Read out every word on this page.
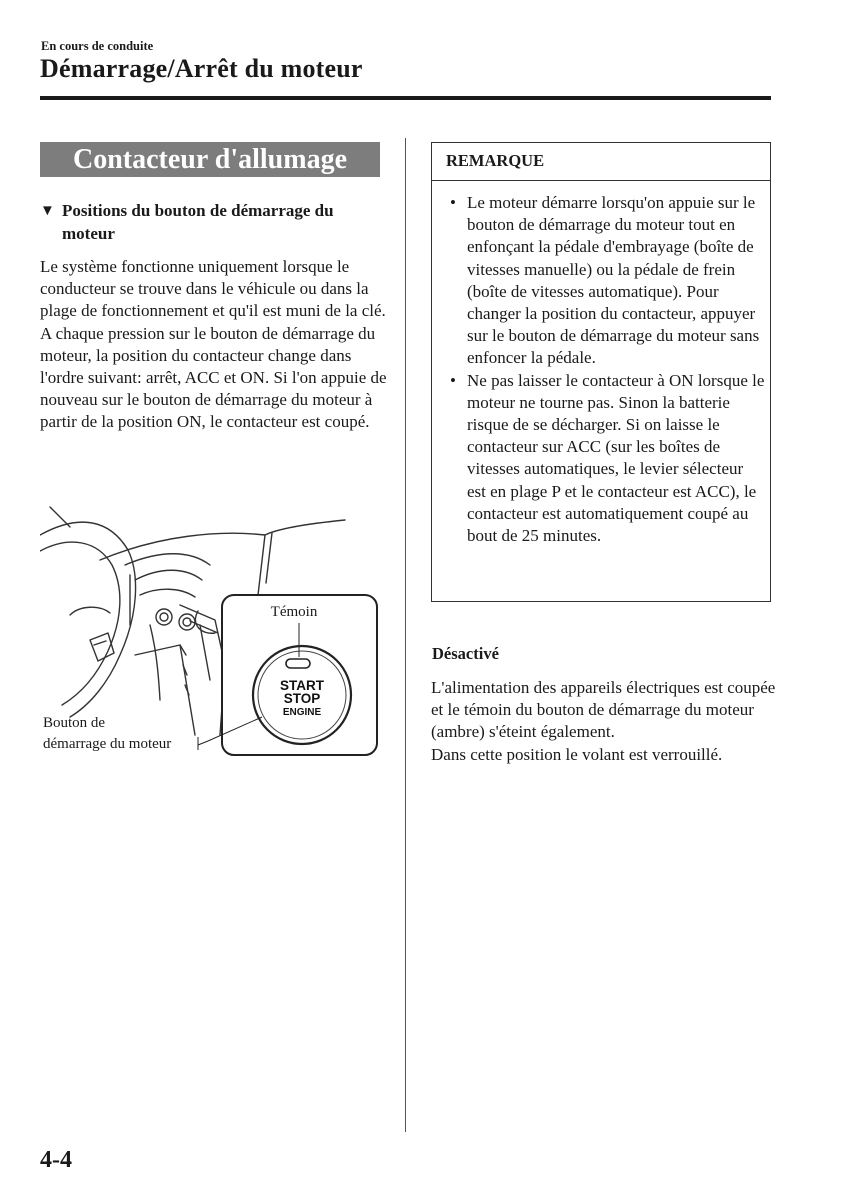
En cours de conduite
Démarrage/Arrêt du moteur
Contacteur d'allumage
▼ Positions du bouton de démarrage du moteur
Le système fonctionne uniquement lorsque le conducteur se trouve dans le véhicule ou dans la plage de fonctionnement et qu'il est muni de la clé.
A chaque pression sur le bouton de démarrage du moteur, la position du contacteur change dans l'ordre suivant: arrêt, ACC et ON. Si l'on appuie de nouveau sur le bouton de démarrage du moteur à partir de la position ON, le contacteur est coupé.
START
STOP
ENGINE
Témoin
Bouton de
démarrage du moteur
REMARQUE
• Le moteur démarre lorsqu'on appuie sur le bouton de démarrage du moteur tout en enfonçant la pédale d'embrayage (boîte de vitesses manuelle) ou la pédale de frein (boîte de vitesses automatique). Pour changer la position du contacteur, appuyer sur le bouton de démarrage du moteur sans enfoncer la pédale.
• Ne pas laisser le contacteur à ON lorsque le moteur ne tourne pas. Sinon la batterie risque de se décharger. Si on laisse le contacteur sur ACC (sur les boîtes de vitesses automatiques, le levier sélecteur est en plage P et le contacteur est ACC), le contacteur est automatiquement coupé au bout de 25 minutes.
Désactivé
L'alimentation des appareils électriques est coupée et le témoin du bouton de démarrage du moteur (ambre) s'éteint également.
Dans cette position le volant est verrouillé.
4-4
